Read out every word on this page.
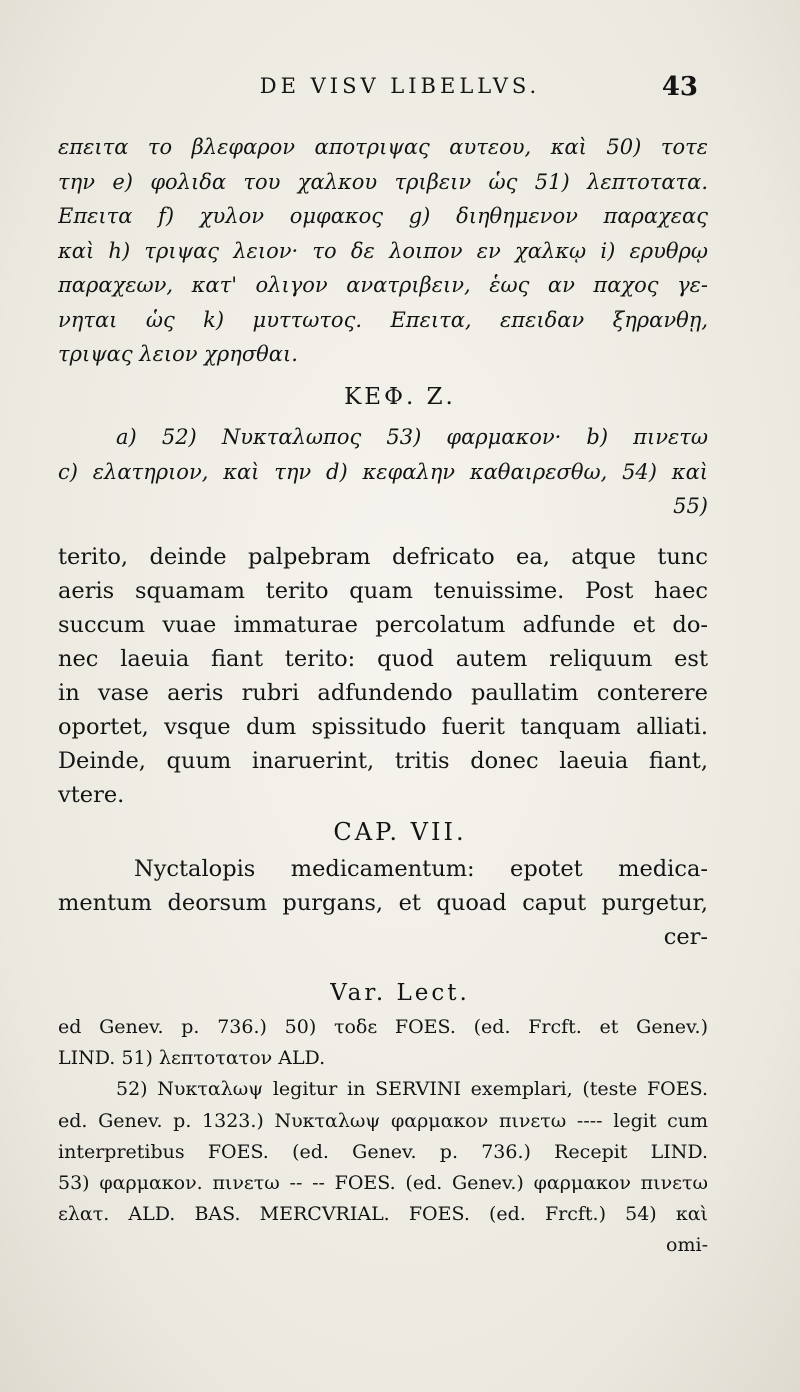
DE VISV LIBELLVS.	43
επειτα το βλεφαρον αποτριψας αυτεου, καὶ 50) τοτε
την e) φολιδα του χαλκου τριβειν ὡς 51) λεπτοτατα.
Επειτα f) χυλον ομφακος g) διηθημενον παραχεας
καὶ h) τριψας λειον· το δε λοιπον εν χαλκῳ i) ερυθρῳ
παραχεων, κατ' ολιγον ανατριβειν, ἑως αν παχος γε-
νηται ὡς k) μυττωτος. Επειτα, επειδαν ξηρανθῃ,
τριψας λειον χρησθαι.
ΚΕΦ. Ζ.
a) 52) Νυκταλωπος 53) φαρμακον· b) πινετω
c) ελατηριον, καὶ την d) κεφαλην καθαιρεσθω, 54) καὶ
55)
terito, deinde palpebram defricato ea, atque tunc
aeris squamam terito quam tenuissime. Post haec
succum vuae immaturae percolatum adfunde et do-
nec laeuia fiant terito: quod autem reliquum est
in vase aeris rubri adfundendo paullatim conterere
oportet, vsque dum spissitudo fuerit tanquam alliati.
Deinde, quum inaruerint, tritis donec laeuia fiant,
vtere.
CAP. VII.
Nyctalopis medicamentum: epotet medica-
mentum deorsum purgans, et quoad caput purgetur,
cer-
Var. Lect.
ed Genev. p. 736.) 50) τοδε FOES. (ed. Frcft. et Genev.)
LIND. 51) λεπτοτατον ALD.
52) Νυκταλωψ legitur in SERVINI exemplari, (teste FOES.
ed. Genev. p. 1323.) Νυκταλωψ φαρμακον πινετω ---- legit cum
interpretibus FOES. (ed. Genev. p. 736.) Recepit LIND.
53) φαρμακον. πινετω -- -- FOES. (ed. Genev.) φαρμακον πινετω
ελατ. ALD. BAS. MERCVRIAL. FOES. (ed. Frcft.) 54) καὶ
omi-
